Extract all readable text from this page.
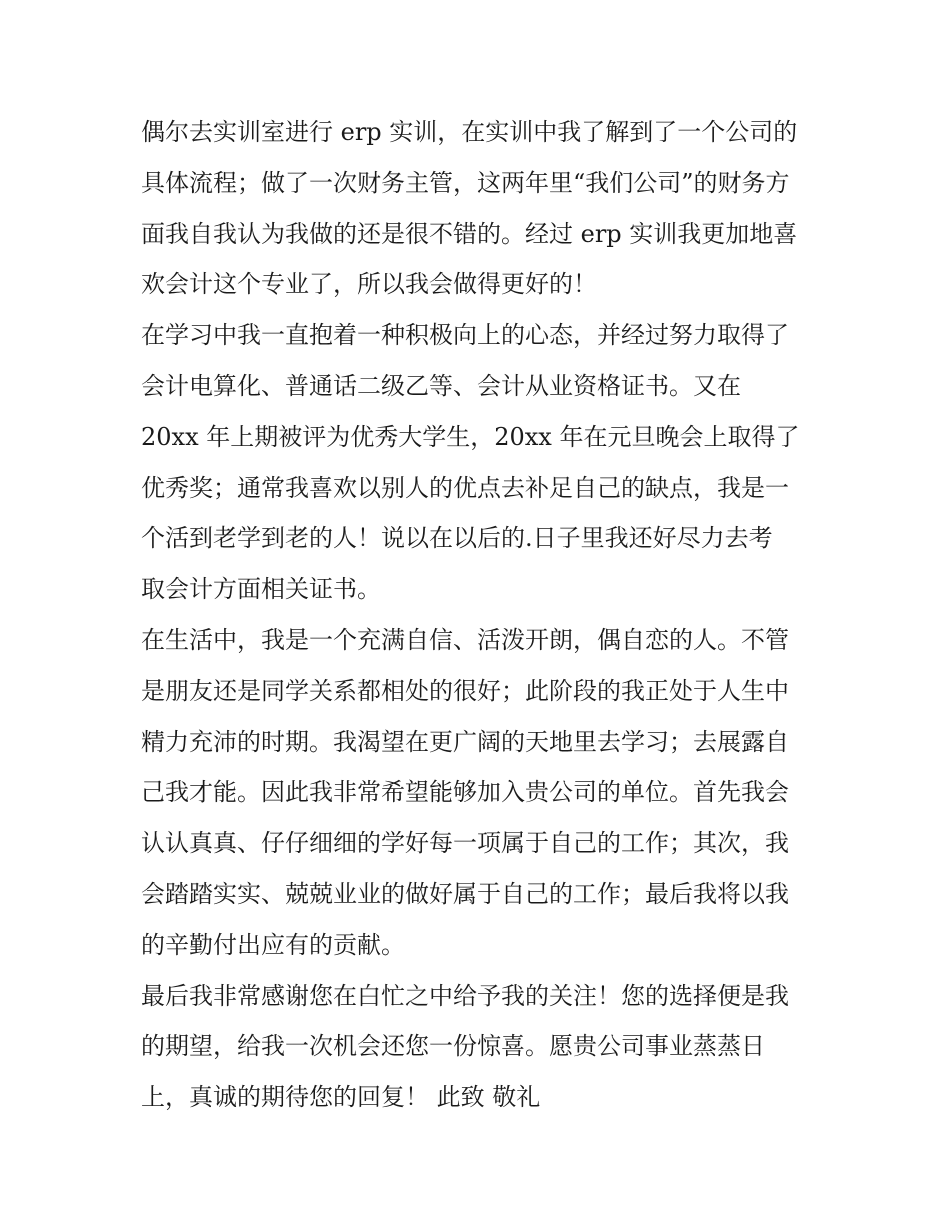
偶尔去实训室进行 erp 实训，在实训中我了解到了一个公司的
具体流程；做了一次财务主管，这两年里“我们公司”的财务方
面我自我认为我做的还是很不错的。经过 erp 实训我更加地喜
欢会计这个专业了，所以我会做得更好的！
在学习中我一直抱着一种积极向上的心态，并经过努力取得了
会计电算化、普通话二级乙等、会计从业资格证书。又在
20xx 年上期被评为优秀大学生，20xx 年在元旦晚会上取得了
优秀奖；通常我喜欢以别人的优点去补足自己的缺点，我是一
个活到老学到老的人！说以在以后的.日子里我还好尽力去考
取会计方面相关证书。
在生活中，我是一个充满自信、活泼开朗，偶自恋的人。不管
是朋友还是同学关系都相处的很好；此阶段的我正处于人生中
精力充沛的时期。我渴望在更广阔的天地里去学习；去展露自
己我才能。因此我非常希望能够加入贵公司的单位。首先我会
认认真真、仔仔细细的学好每一项属于自己的工作；其次，我
会踏踏实实、兢兢业业的做好属于自己的工作；最后我将以我
的辛勤付出应有的贡献。
最后我非常感谢您在白忙之中给予我的关注！您的选择便是我
的期望，给我一次机会还您一份惊喜。愿贵公司事业蒸蒸日
上，真诚的期待您的回复！ 此致 敬礼
